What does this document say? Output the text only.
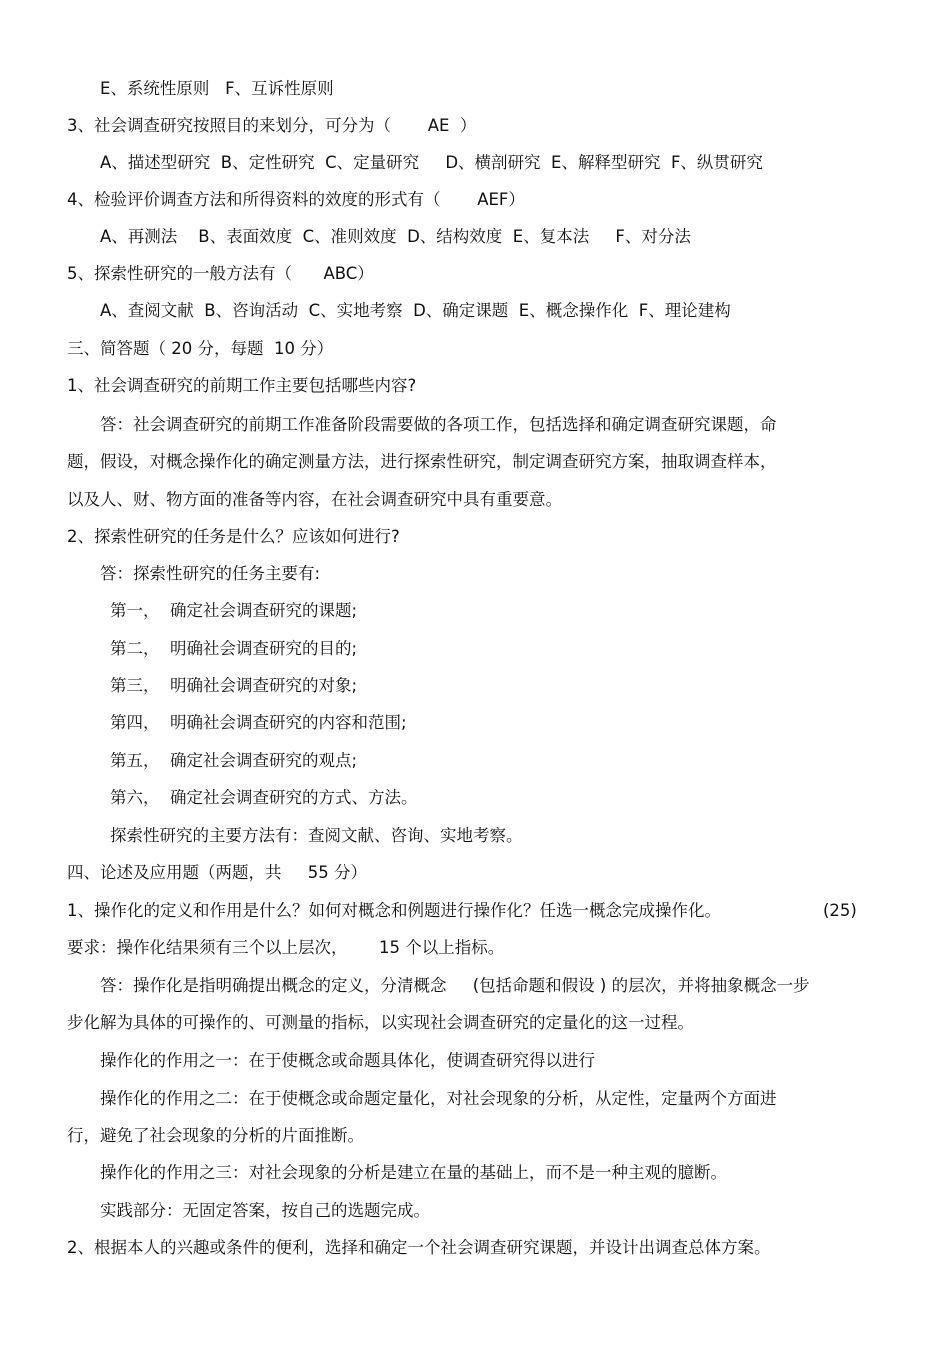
E、系统性原则   F、互诉性原则
3、社会调查研究按照目的来划分，可分为（       AE  ）
A、描述型研究  B、定性研究  C、定量研究     D、横剖研究  E、解释型研究  F、纵贯研究
4、检验评价调查方法和所得资料的效度的形式有（       AEF）
A、再测法    B、表面效度  C、准则效度  D、结构效度  E、复本法     F、对分法
5、探索性研究的一般方法有（      ABC）
A、查阅文献  B、咨询活动  C、实地考察  D、确定课题  E、概念操作化  F、理论建构
三、简答题（ 20 分，每题  10 分）
1、社会调查研究的前期工作主要包括哪些内容?
答：社会调查研究的前期工作准备阶段需要做的各项工作，包括选择和确定调查研究课题，命
题，假设，对概念操作化的确定测量方法，进行探索性研究，制定调查研究方案，抽取调查样本，
以及人、财、物方面的准备等内容，在社会调查研究中具有重要意。
2、探索性研究的任务是什么？应该如何进行?
答：探索性研究的任务主要有:
第一，  确定社会调查研究的课题;
第二，  明确社会调查研究的目的;
第三，  明确社会调查研究的对象;
第四，  明确社会调查研究的内容和范围;
第五，  确定社会调查研究的观点;
第六，  确定社会调查研究的方式、方法。
探索性研究的主要方法有：查阅文献、咨询、实地考察。
四、论述及应用题（两题，共     55 分）

1、操作化的定义和作用是什么？如何对概念和例题进行操作化？任选一概念完成操作化。

	(25)

要求：操作化结果须有三个以上层次，      15 个以上指标。
答：操作化是指明确提出概念的定义，分清概念     (包括命题和假设 ) 的层次，并将抽象概念一步
步化解为具体的可操作的、可测量的指标，以实现社会调查研究的定量化的这一过程。
操作化的作用之一：在于使概念或命题具体化，使调查研究得以进行
操作化的作用之二：在于使概念或命题定量化，对社会现象的分析，从定性，定量两个方面进
行，避免了社会现象的分析的片面推断。
操作化的作用之三：对社会现象的分析是建立在量的基础上，而不是一种主观的臆断。
实践部分：无固定答案，按自己的选题完成。
2、根据本人的兴趣或条件的便利，选择和确定一个社会调查研究课题，并设计出调查总体方案。
